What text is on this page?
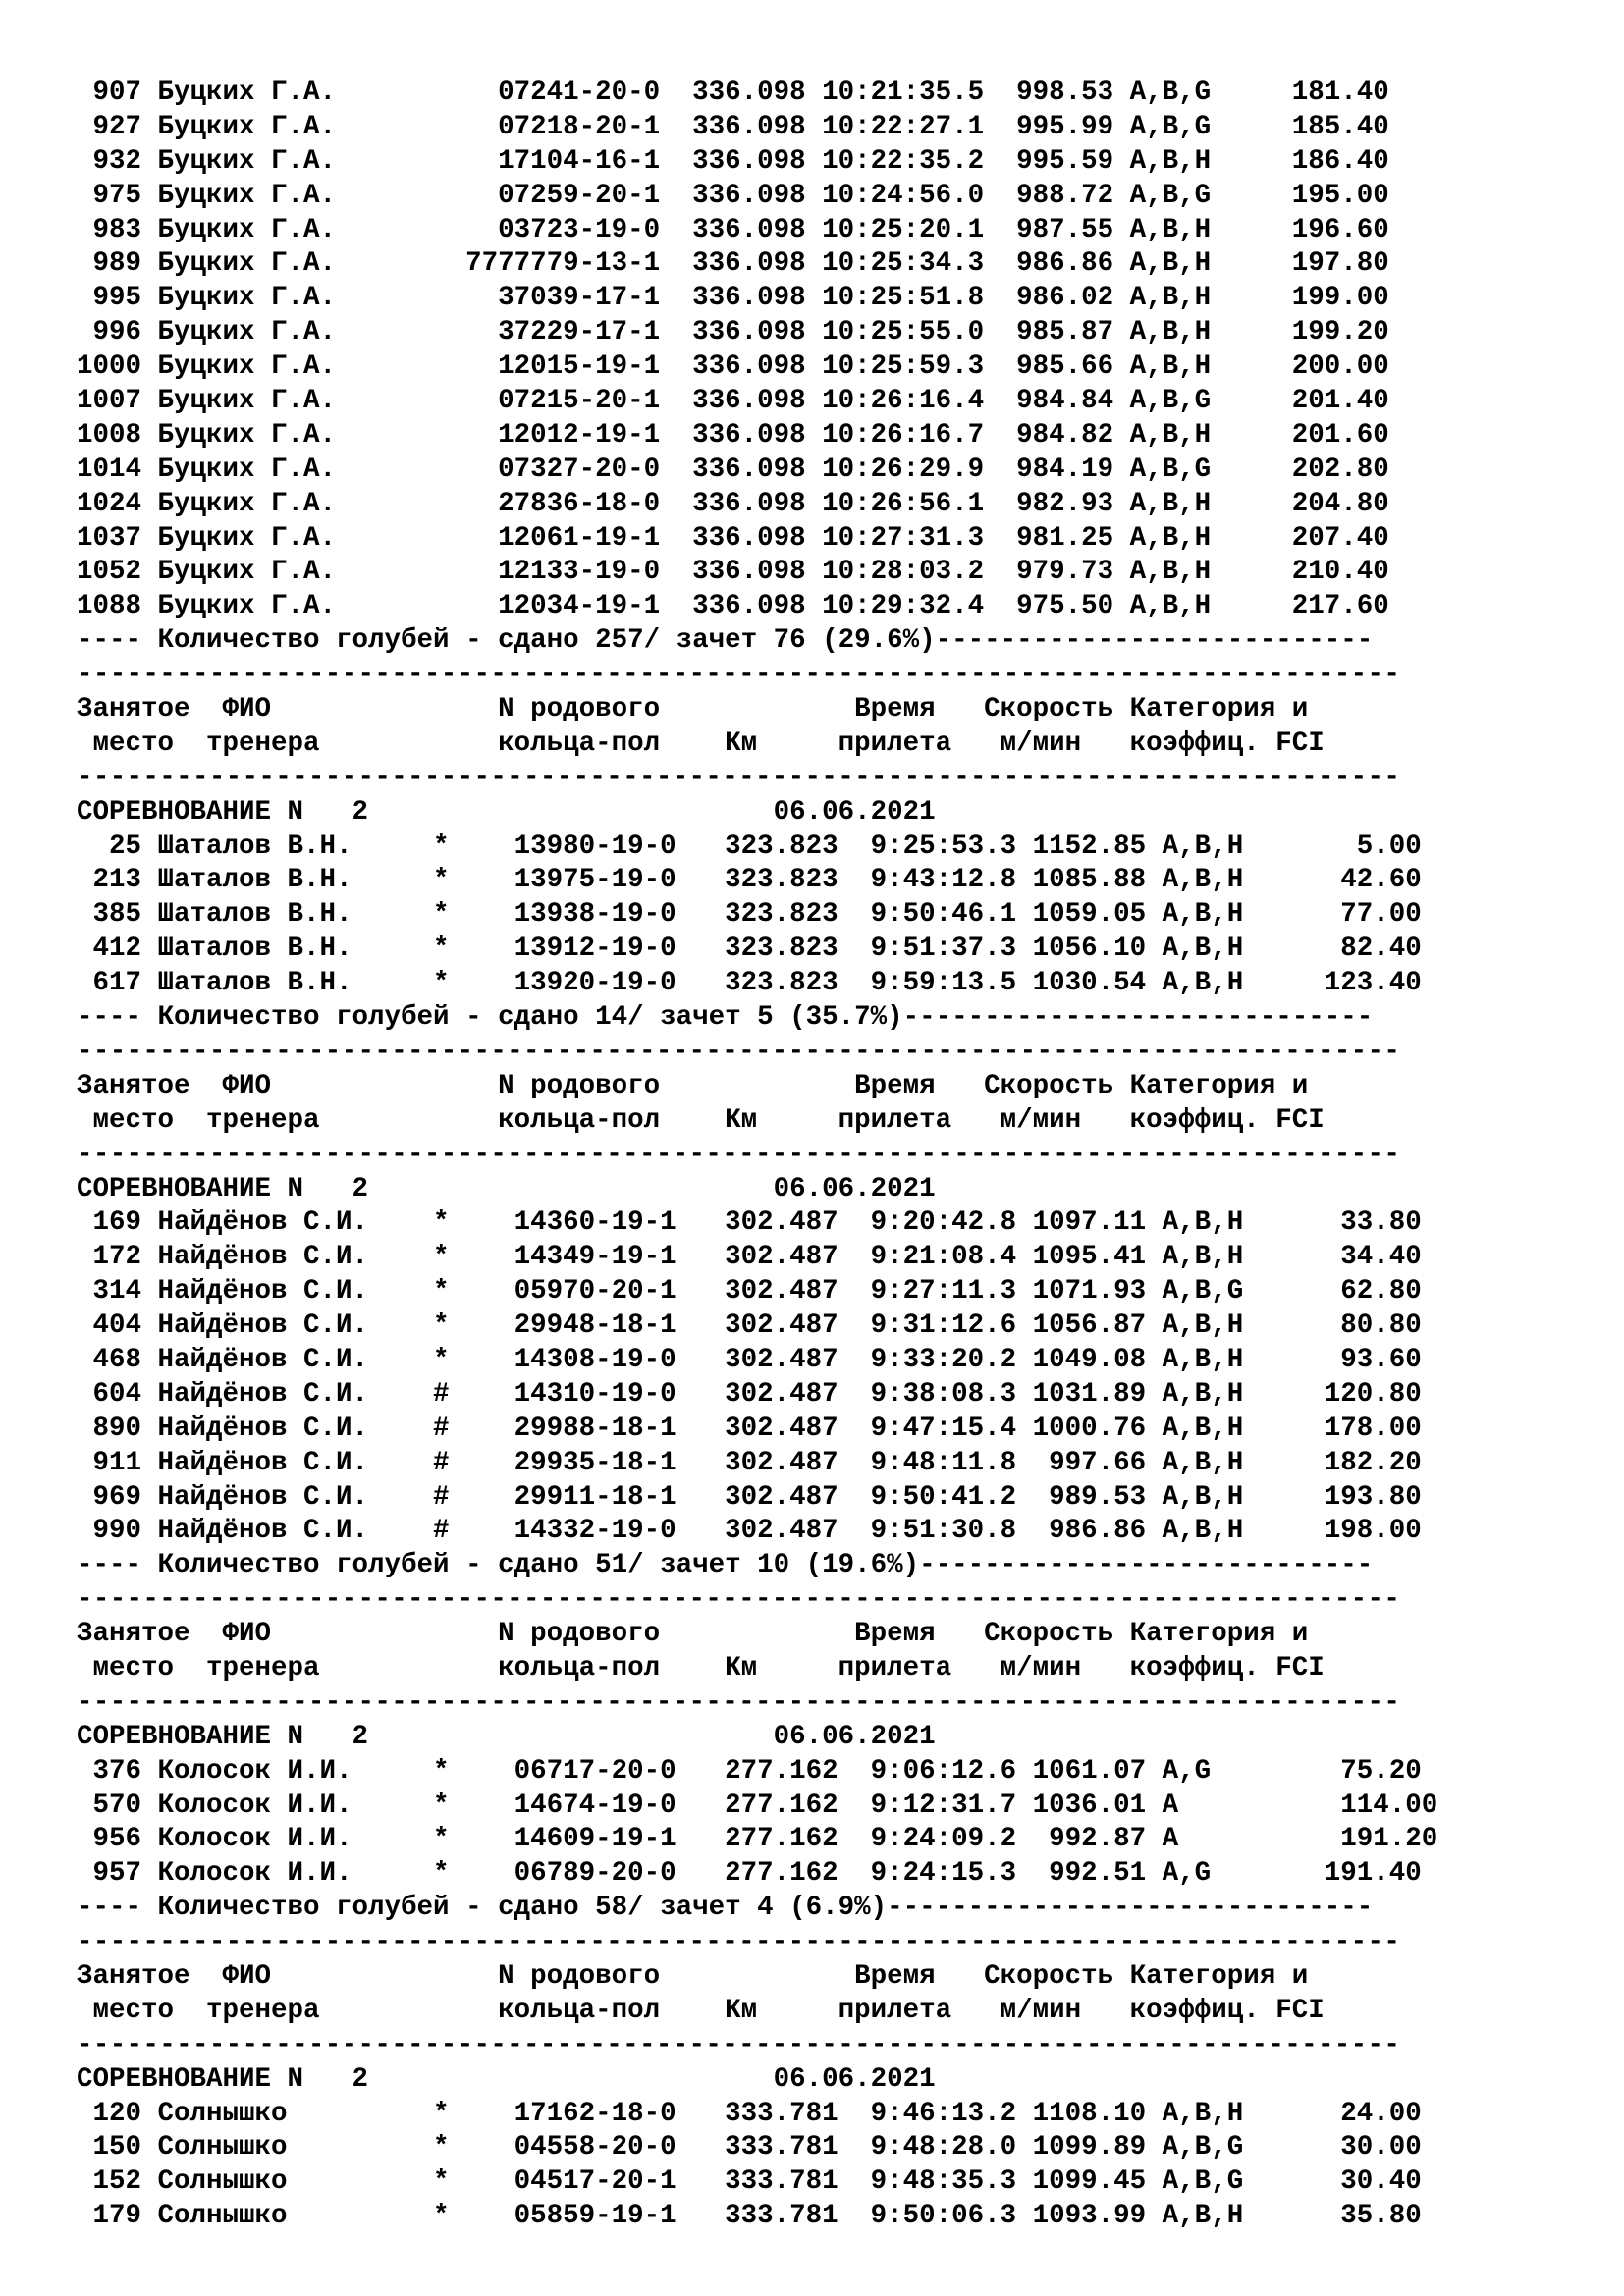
907 Буцких Г.А.          07241-20-0  336.098 10:21:35.5  998.53 A,B,G     181.40
927 Буцких Г.А.          07218-20-1  336.098 10:22:27.1  995.99 A,B,G     185.40
932 Буцких Г.А.          17104-16-1  336.098 10:22:35.2  995.59 A,B,H     186.40
975 Буцких Г.А.          07259-20-1  336.098 10:24:56.0  988.72 A,B,G     195.00
983 Буцких Г.А.          03723-19-0  336.098 10:25:20.1  987.55 A,B,H     196.60
989 Буцких Г.А.        7777779-13-1  336.098 10:25:34.3  986.86 A,B,H     197.80
995 Буцких Г.А.          37039-17-1  336.098 10:25:51.8  986.02 A,B,H     199.00
996 Буцких Г.А.          37229-17-1  336.098 10:25:55.0  985.87 A,B,H     199.20
1000 Буцких Г.А.          12015-19-1  336.098 10:25:59.3  985.66 A,B,H     200.00
1007 Буцких Г.А.          07215-20-1  336.098 10:26:16.4  984.84 A,B,G     201.40
1008 Буцких Г.А.          12012-19-1  336.098 10:26:16.7  984.82 A,B,H     201.60
1014 Буцких Г.А.          07327-20-0  336.098 10:26:29.9  984.19 A,B,G     202.80
1024 Буцких Г.А.          27836-18-0  336.098 10:26:56.1  982.93 A,B,H     204.80
1037 Буцких Г.А.          12061-19-1  336.098 10:27:31.3  981.25 A,B,H     207.40
1052 Буцких Г.А.          12133-19-0  336.098 10:28:03.2  979.73 A,B,H     210.40
1088 Буцких Г.А.          12034-19-1  336.098 10:29:32.4  975.50 A,B,H     217.60
---- Количество голубей - сдано 257/ зачет 76 (29.6%)---------------------------
--------------------------------------------------------------------------------
Занятое  ФИО              N родового            Время   Скорость Категория и
место  тренера           кольца-пол    Км     прилета   м/мин   коэффиц. FCI
--------------------------------------------------------------------------------
СОРЕВНОВАНИЕ N   2                         06.06.2021
25 Шаталов В.Н.     *    13980-19-0   323.823  9:25:53.3 1152.85 A,B,H       5.00
213 Шаталов В.Н.     *    13975-19-0   323.823  9:43:12.8 1085.88 A,B,H      42.60
385 Шаталов В.Н.     *    13938-19-0   323.823  9:50:46.1 1059.05 A,B,H      77.00
412 Шаталов В.Н.     *    13912-19-0   323.823  9:51:37.3 1056.10 A,B,H      82.40
617 Шаталов В.Н.     *    13920-19-0   323.823  9:59:13.5 1030.54 A,B,H     123.40
---- Количество голубей - сдано 14/ зачет 5 (35.7%)-----------------------------
--------------------------------------------------------------------------------
Занятое  ФИО              N родового            Время   Скорость Категория и
место  тренера           кольца-пол    Км     прилета   м/мин   коэффиц. FCI
--------------------------------------------------------------------------------
СОРЕВНОВАНИЕ N   2                         06.06.2021
169 Найдёнов С.И.    *    14360-19-1   302.487  9:20:42.8 1097.11 A,B,H      33.80
172 Найдёнов С.И.    *    14349-19-1   302.487  9:21:08.4 1095.41 A,B,H      34.40
314 Найдёнов С.И.    *    05970-20-1   302.487  9:27:11.3 1071.93 A,B,G      62.80
404 Найдёнов С.И.    *    29948-18-1   302.487  9:31:12.6 1056.87 A,B,H      80.80
468 Найдёнов С.И.    *    14308-19-0   302.487  9:33:20.2 1049.08 A,B,H      93.60
604 Найдёнов С.И.    #    14310-19-0   302.487  9:38:08.3 1031.89 A,B,H     120.80
890 Найдёнов С.И.    #    29988-18-1   302.487  9:47:15.4 1000.76 A,B,H     178.00
911 Найдёнов С.И.    #    29935-18-1   302.487  9:48:11.8  997.66 A,B,H     182.20
969 Найдёнов С.И.    #    29911-18-1   302.487  9:50:41.2  989.53 A,B,H     193.80
990 Найдёнов С.И.    #    14332-19-0   302.487  9:51:30.8  986.86 A,B,H     198.00
---- Количество голубей - сдано 51/ зачет 10 (19.6%)----------------------------
--------------------------------------------------------------------------------
Занятое  ФИО              N родового            Время   Скорость Категория и
место  тренера           кольца-пол    Км     прилета   м/мин   коэффиц. FCI
--------------------------------------------------------------------------------
СОРЕВНОВАНИЕ N   2                         06.06.2021
376 Колосок И.И.     *    06717-20-0   277.162  9:06:12.6 1061.07 A,G        75.20
570 Колосок И.И.     *    14674-19-0   277.162  9:12:31.7 1036.01 A          114.00
956 Колосок И.И.     *    14609-19-1   277.162  9:24:09.2  992.87 A          191.20
957 Колосок И.И.     *    06789-20-0   277.162  9:24:15.3  992.51 A,G       191.40
---- Количество голубей - сдано 58/ зачет 4 (6.9%)------------------------------
--------------------------------------------------------------------------------
Занятое  ФИО              N родового            Время   Скорость Категория и
место  тренера           кольца-пол    Км     прилета   м/мин   коэффиц. FCI
--------------------------------------------------------------------------------
СОРЕВНОВАНИЕ N   2                         06.06.2021
120 Солнышко         *    17162-18-0   333.781  9:46:13.2 1108.10 A,B,H      24.00
150 Солнышко         *    04558-20-0   333.781  9:48:28.0 1099.89 A,B,G      30.00
152 Солнышко         *    04517-20-1   333.781  9:48:35.3 1099.45 A,B,G      30.40
179 Солнышко         *    05859-19-1   333.781  9:50:06.3 1093.99 A,B,H      35.80
